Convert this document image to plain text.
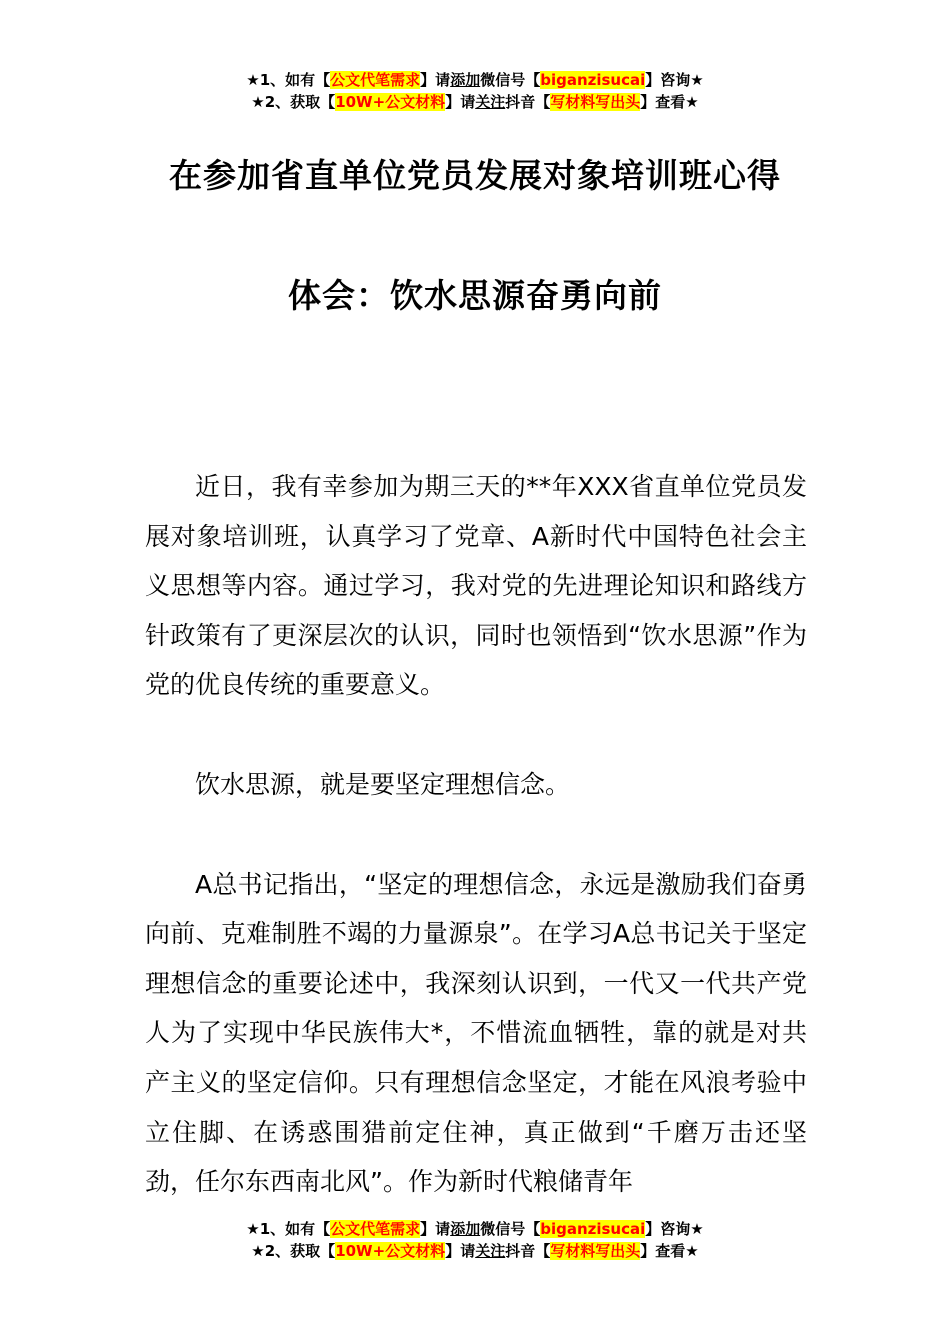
★1、如有【公文代笔需求】请添加微信号【biganzisucai】咨询★
★2、获取【10W+公文材料】请关注抖音【写材料写出头】查看★
在参加省直单位党员发展对象培训班心得
体会：饮水思源奋勇向前

近日，我有幸参加为期三天的**年XXX省直单位党员发展对象培训班，认真学习了党章、A新时代中国特色社会主义思想等内容。通过学习，我对党的先进理论知识和路线方针政策有了更深层次的认识，同时也领悟到“饮水思源”作为党的优良传统的重要意义。

饮水思源，就是要坚定理想信念。

A总书记指出，“坚定的理想信念，永远是激励我们奋勇向前、克难制胜不竭的力量源泉”。在学习A总书记关于坚定理想信念的重要论述中，我深刻认识到，一代又一代共产党人为了实现中华民族伟大*，不惜流血牺牲，靠的就是对共产主义的坚定信仰。只有理想信念坚定，才能在风浪考验中立住脚、在诱惑围猎前定住神，真正做到“千磨万击还坚劲，任尔东西南北风”。作为新时代粮储青年

★1、如有【公文代笔需求】请添加微信号【biganzisucai】咨询★
★2、获取【10W+公文材料】请关注抖音【写材料写出头】查看★
